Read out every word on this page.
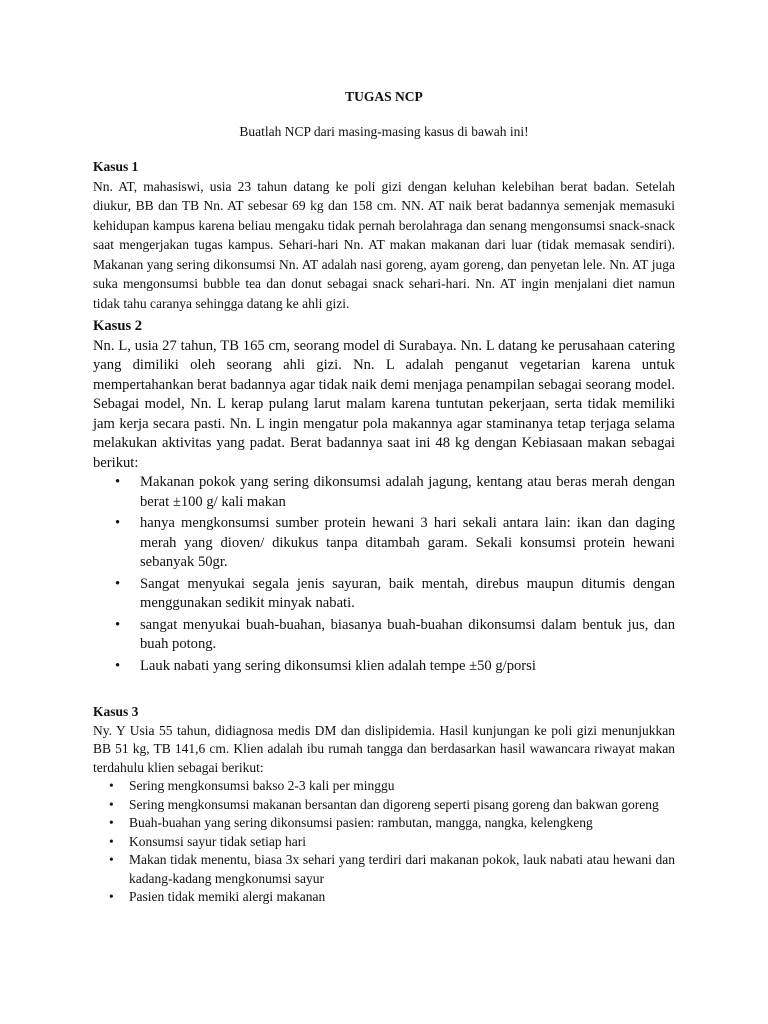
TUGAS NCP

Buatlah NCP dari masing-masing kasus di bawah ini!

Kasus 1

Nn. AT, mahasiswi, usia 23 tahun datang ke poli gizi dengan keluhan kelebihan berat badan. Setelah diukur, BB dan TB Nn. AT sebesar 69 kg dan 158 cm. NN. AT naik berat badannya semenjak memasuki kehidupan kampus karena beliau mengaku tidak pernah berolahraga dan senang mengonsumsi snack-snack saat mengerjakan tugas kampus. Sehari-hari Nn. AT makan makanan dari luar (tidak memasak sendiri). Makanan yang sering dikonsumsi Nn. AT adalah nasi goreng, ayam goreng, dan penyetan lele. Nn. AT juga suka mengonsumsi bubble tea dan donut sebagai snack sehari-hari. Nn. AT ingin menjalani diet namun tidak tahu caranya sehingga datang ke ahli gizi.

Kasus 2

Nn. L, usia 27 tahun, TB 165 cm, seorang model di Surabaya. Nn. L datang ke perusahaan catering yang dimiliki oleh seorang ahli gizi. Nn. L adalah penganut vegetarian karena untuk mempertahankan berat badannya agar tidak naik demi menjaga penampilan sebagai seorang model. Sebagai model, Nn. L kerap pulang larut malam karena tuntutan pekerjaan, serta tidak memiliki jam kerja secara pasti. Nn. L ingin mengatur pola makannya agar staminanya tetap terjaga selama melakukan aktivitas yang padat. Berat badannya saat ini 48 kg dengan Kebiasaan makan sebagai berikut:

• Makanan pokok yang sering dikonsumsi adalah jagung, kentang atau beras merah dengan berat ±100 g/ kali makan
• hanya mengkonsumsi sumber protein hewani 3 hari sekali antara lain: ikan dan daging merah yang dioven/ dikukus tanpa ditambah garam. Sekali konsumsi protein hewani sebanyak 50gr.
• Sangat menyukai segala jenis sayuran, baik mentah, direbus maupun ditumis dengan menggunakan sedikit minyak nabati.
• sangat menyukai buah-buahan, biasanya buah-buahan dikonsumsi dalam bentuk jus, dan buah potong.
• Lauk nabati yang sering dikonsumsi klien adalah tempe ±50 g/porsi

Kasus 3

Ny. Y Usia 55 tahun, didiagnosa medis DM dan dislipidemia. Hasil kunjungan ke poli gizi menunjukkan BB 51 kg, TB 141,6 cm. Klien adalah ibu rumah tangga dan berdasarkan hasil wawancara riwayat makan terdahulu klien sebagai berikut:

• Sering mengkonsumsi bakso 2-3 kali per minggu
• Sering mengkonsumsi makanan bersantan dan digoreng seperti pisang goreng dan bakwan goreng
• Buah-buahan yang sering dikonsumsi pasien: rambutan, mangga, nangka, kelengkeng
• Konsumsi sayur tidak setiap hari
• Makan tidak menentu, biasa 3x sehari yang terdiri dari makanan pokok, lauk nabati atau hewani dan kadang-kadang mengkonumsi sayur
• Pasien tidak memiki alergi makanan
